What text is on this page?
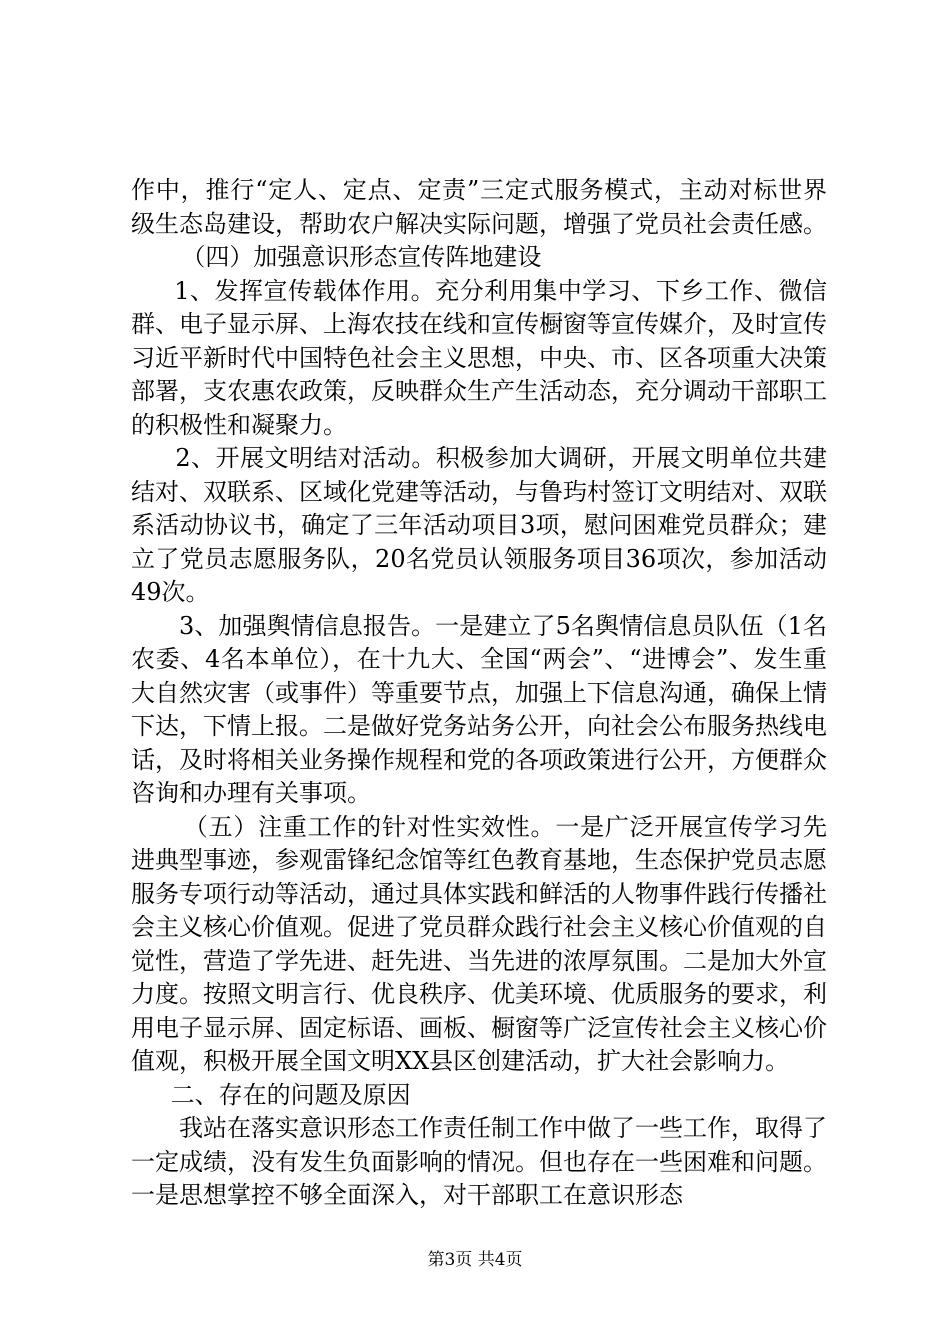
作中，推行“定人、定点、定责”三定式服务模式，主动对标世界级生态岛建设，帮助农户解决实际问题，增强了党员社会责任感。

（四）加强意识形态宣传阵地建设

1、发挥宣传载体作用。充分利用集中学习、下乡工作、微信群、电子显示屏、上海农技在线和宣传橱窗等宣传媒介，及时宣传习近平新时代中国特色社会主义思想，中央、市、区各项重大决策部署，支农惠农政策，反映群众生产生活动态，充分调动干部职工的积极性和凝聚力。

2、开展文明结对活动。积极参加大调研，开展文明单位共建结对、双联系、区域化党建等活动，与鲁玙村签订文明结对、双联系活动协议书，确定了三年活动项目3项，慰问困难党员群众；建立了党员志愿服务队，20名党员认领服务项目36项次，参加活动49次。

3、加强舆情信息报告。一是建立了5名舆情信息员队伍（1名农委、4名本单位），在十九大、全国“两会”、“进博会”、发生重大自然灾害（或事件）等重要节点，加强上下信息沟通，确保上情下达，下情上报。二是做好党务站务公开，向社会公布服务热线电话，及时将相关业务操作规程和党的各项政策进行公开，方便群众咨询和办理有关事项。

（五）注重工作的针对性实效性。一是广泛开展宣传学习先进典型事迹，参观雷锋纪念馆等红色教育基地，生态保护党员志愿服务专项行动等活动，通过具体实践和鲜活的人物事件践行传播社会主义核心价值观。促进了党员群众践行社会主义核心价值观的自觉性，营造了学先进、赶先进、当先进的浓厚氛围。二是加大外宣力度。按照文明言行、优良秩序、优美环境、优质服务的要求，利用电子显示屏、固定标语、画板、橱窗等广泛宣传社会主义核心价值观，积极开展全国文明XX县区创建活动，扩大社会影响力。

二、存在的问题及原因

我站在落实意识形态工作责任制工作中做了一些工作，取得了一定成绩，没有发生负面影响的情况。但也存在一些困难和问题。一是思想掌控不够全面深入，对干部职工在意识形态

第3页 共4页
